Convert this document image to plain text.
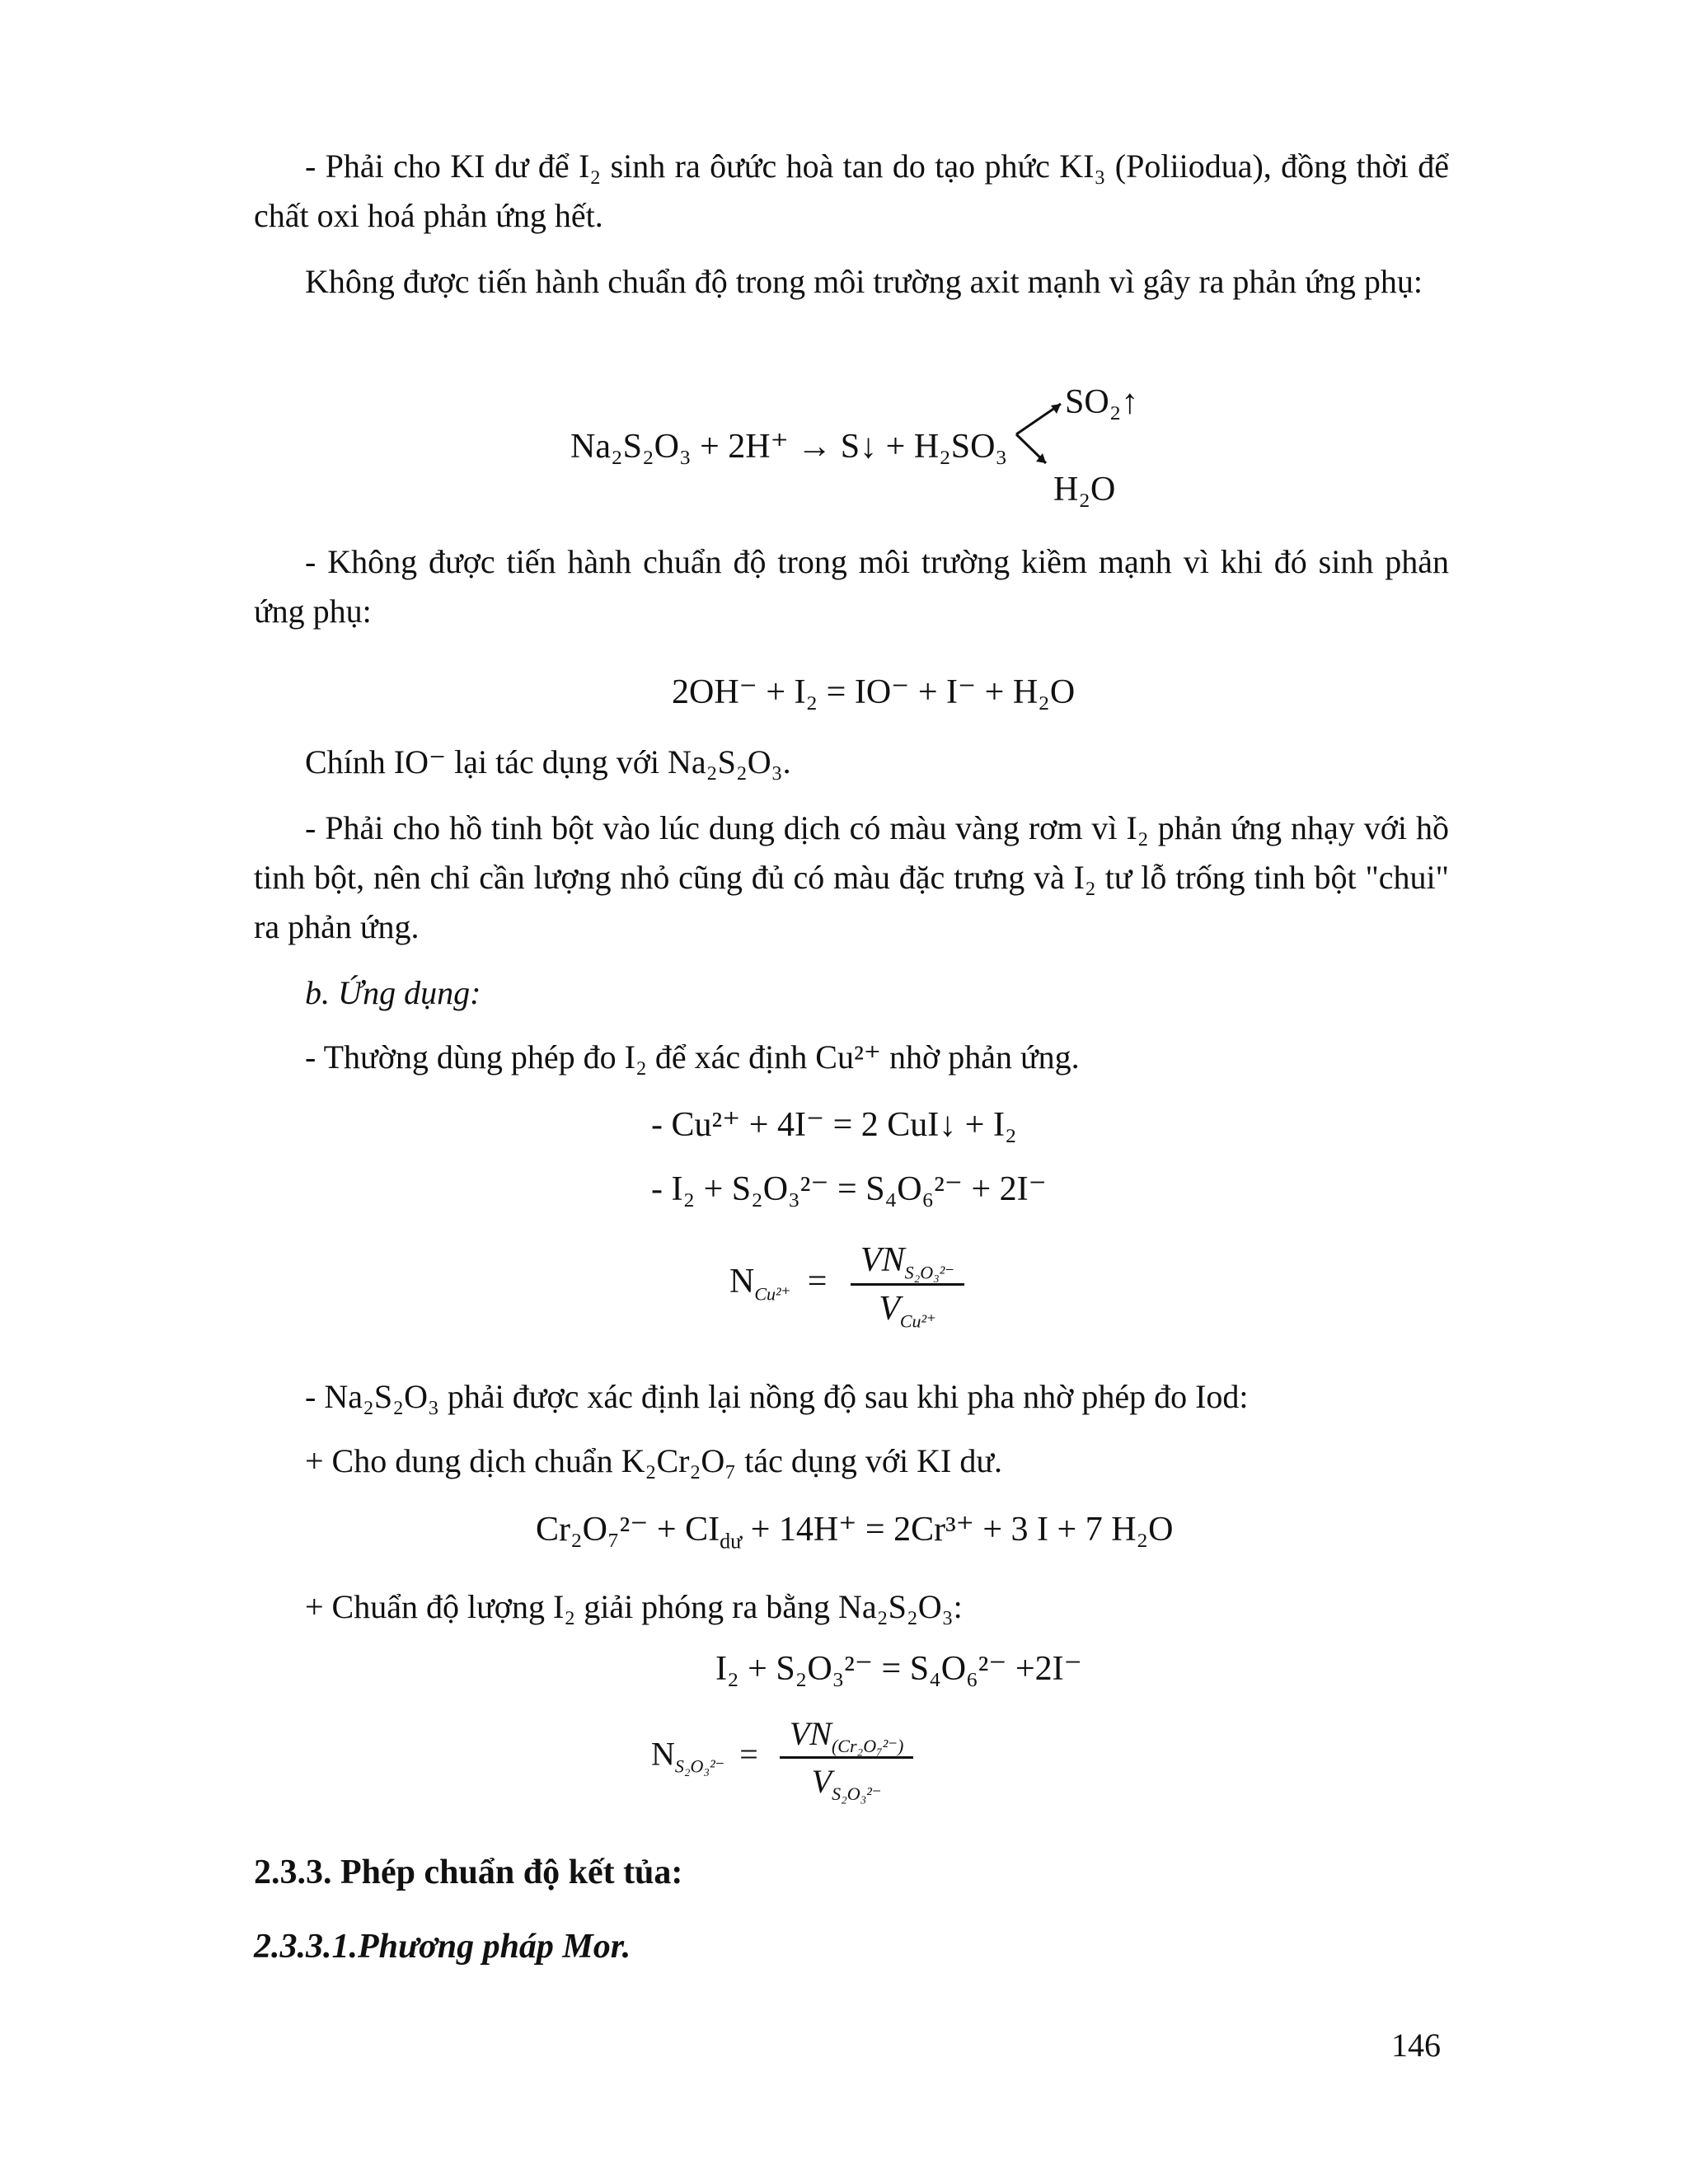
- Phải cho KI dư để I₂ sinh ra ôưức hoà tan do tạo phức KI₃ (Poliiodua), đồng thời để chất oxi hoá phản ứng hết.

Không được tiến hành chuẩn độ trong môi trường axit mạnh vì gây ra phản ứng phụ:

Na₂S₂O₃ + 2H⁺ → S↓ + H₂SO₃
SO₂↑
H₂O

- Không được tiến hành chuẩn độ trong môi trường kiềm mạnh vì khi đó sinh phản ứng phụ:

2OH⁻ + I₂ = IO⁻ + I⁻ + H₂O

Chính IO⁻ lại tác dụng với Na₂S₂O₃.

- Phải cho hồ tinh bột vào lúc dung dịch có màu vàng rơm vì I₂ phản ứng nhạy với hồ tinh bột, nên chỉ cần lượng nhỏ cũng đủ có màu đặc trưng và I₂ tư lỗ trống tinh bột "chui" ra phản ứng.

b. Ứng dụng:

- Thường dùng phép đo I₂ để xác định Cu²⁺ nhờ phản ứng.

- Cu²⁺ + 4I⁻ = 2 CuI↓ + I₂
- I₂ + S₂O₃²⁻ = S₄O₆²⁻ + 2I⁻
$N_{Cu^{2+}} = \frac{VN_{S_2O_3^{2-}}}{V_{Cu^{2+}}}$

- Na₂S₂O₃ phải được xác định lại nồng độ sau khi pha nhờ phép đo Iod:

+ Cho dung dịch chuẩn K₂Cr₂O₇ tác dụng với KI dư.

$Cr_2O_7^{2-} + CI_{dư} + 14H^+ = 2Cr^{3+} + 3$ I + 7 H₂O

+ Chuẩn độ lượng I₂ giải phóng ra bằng Na₂S₂O₃:

I₂ + S₂O₃²⁻ = S₄O₆²⁻ +2I⁻
$N_{S_2O_3^{2-}} = \frac{VN_{(Cr_2O_7^{2-})}}{V_{S_2O_3^{2-}}}$
2.3.3. Phép chuẩn độ kết tủa:
2.3.3.1.Phương pháp Mor.
146
